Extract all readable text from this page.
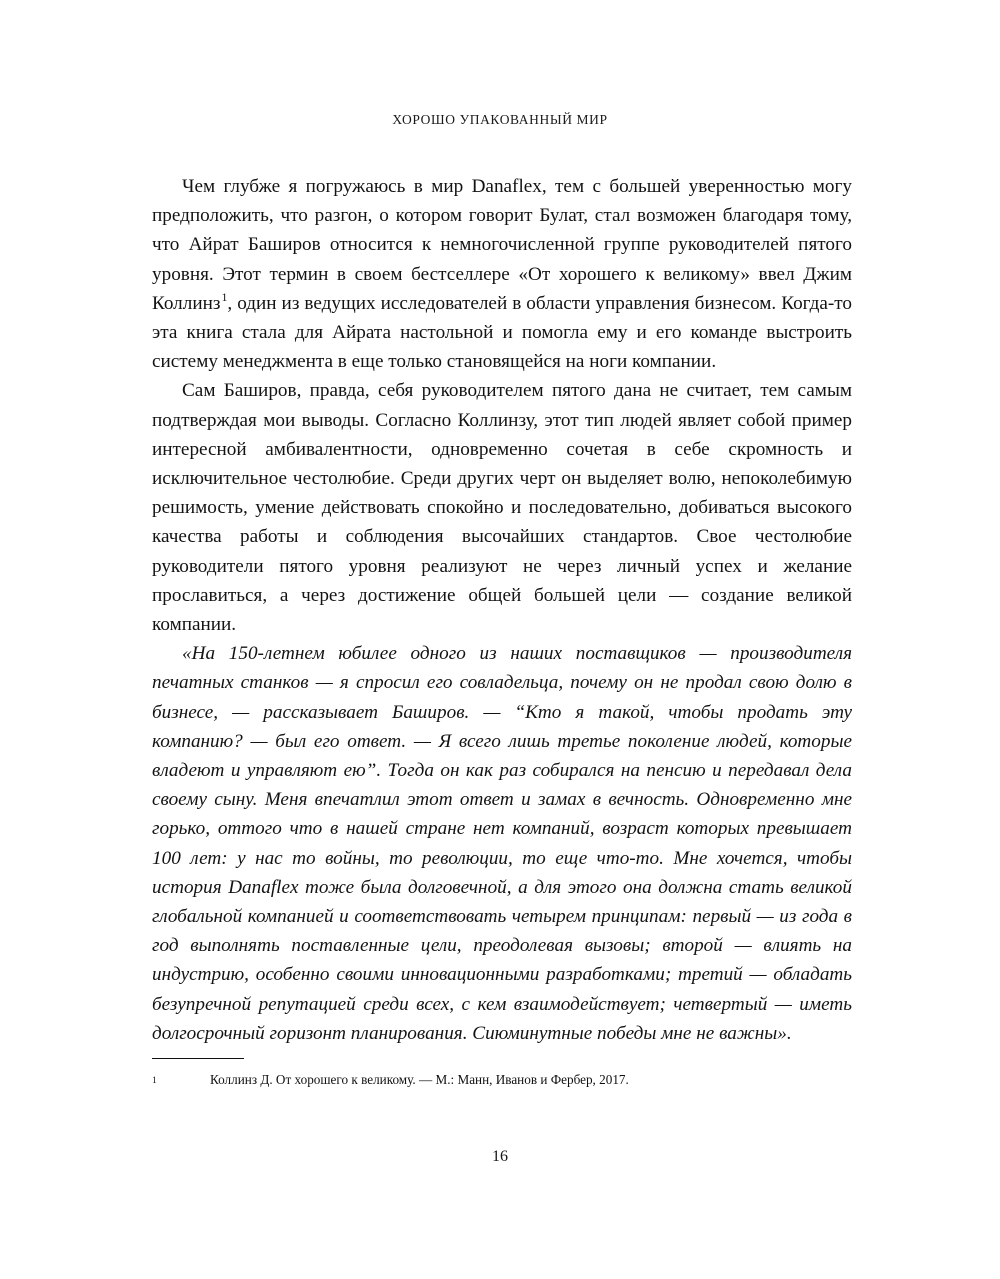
ХОРОШО УПАКОВАННЫЙ МИР

Чем глубже я погружаюсь в мир Danaflex, тем с большей уверенностью могу предположить, что разгон, о котором говорит Булат, стал возможен благодаря тому, что Айрат Баширов относится к немногочисленной группе руководителей пятого уровня. Этот термин в своем бестселлере «От хорошего к великому» ввел Джим Коллинз$^1$, один из ведущих исследователей в области управления бизнесом. Когда-то эта книга стала для Айрата настольной и помогла ему и его команде выстроить систему менеджмента в еще только становящейся на ноги компании.

Сам Баширов, правда, себя руководителем пятого дана не считает, тем самым подтверждая мои выводы. Согласно Коллинзу, этот тип людей являет собой пример интересной амбивалентности, одновременно сочетая в себе скромность и исключительное честолюбие. Среди других черт он выделяет волю, непоколебимую решимость, умение действовать спокойно и последовательно, добиваться высокого качества работы и соблюдения высочайших стандартов. Свое честолюбие руководители пятого уровня реализуют не через личный успех и желание прославиться, а через достижение общей большей цели — создание великой компании.

«На 150-летнем юбилее одного из наших поставщиков — производителя печатных станков — я спросил его совладельца, почему он не продал свою долю в бизнесе, — рассказывает Баширов. — “Кто я такой, чтобы продать эту компанию? — был его ответ. — Я всего лишь третье поколение людей, которые владеют и управляют ею”. Тогда он как раз собирался на пенсию и передавал дела своему сыну. Меня впечатлил этот ответ и замах в вечность. Одновременно мне горько, оттого что в нашей стране нет компаний, возраст которых превышает 100 лет: у нас то войны, то революции, то еще что-то. Мне хочется, чтобы история Danaflex тоже была долговечной, а для этого она должна стать великой глобальной компанией и соответствовать четырем принципам: первый — из года в год выполнять поставленные цели, преодолевая вызовы; второй — влиять на индустрию, особенно своими инновационными разработками; третий — обладать безупречной репутацией среди всех, с кем взаимодействует; четвертый — иметь долгосрочный горизонт планирования. Сиюминутные победы мне не важны».

1	Коллинз Д. От хорошего к великому. — М.: Манн, Иванов и Фербер, 2017.
16
